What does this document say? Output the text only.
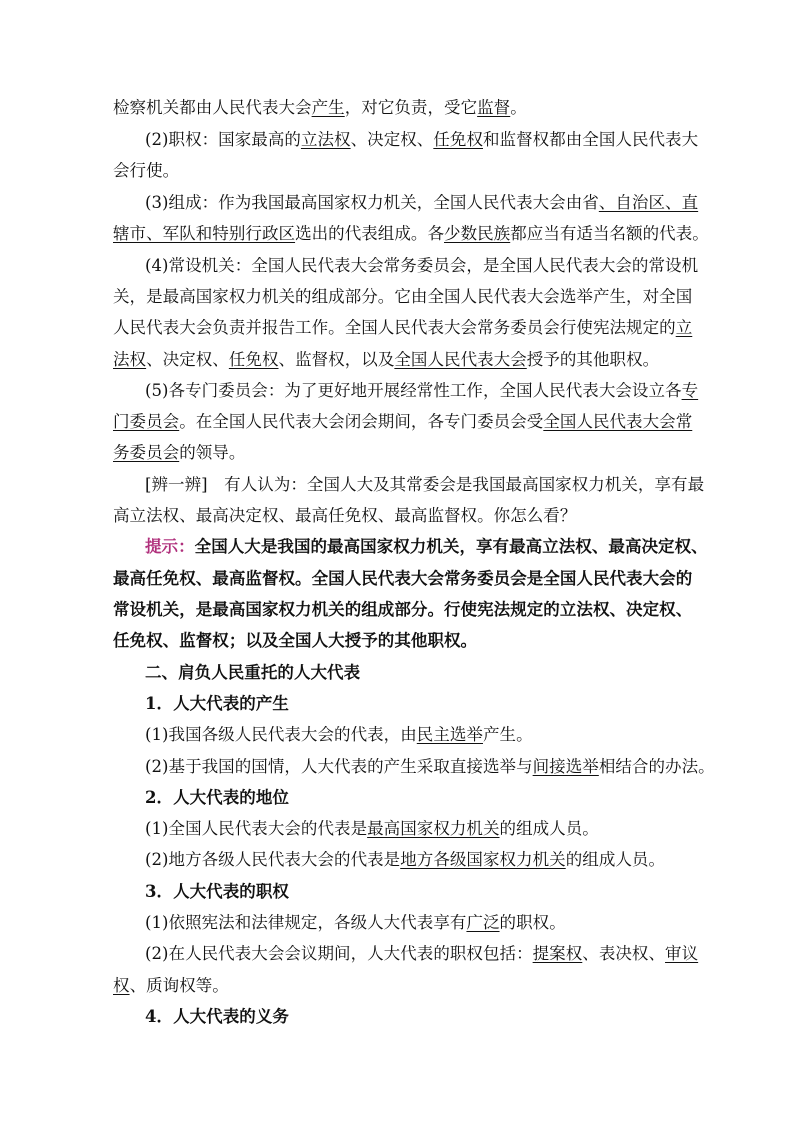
检察机关都由人民代表大会产生，对它负责，受它监督。
(2)职权：国家最高的立法权、决定权、任免权和监督权都由全国人民代表大
会行使。
(3)组成：作为我国最高国家权力机关，全国人民代表大会由省、自治区、直
辖市、军队和特别行政区选出的代表组成。各少数民族都应当有适当名额的代表。
(4)常设机关：全国人民代表大会常务委员会，是全国人民代表大会的常设机
关，是最高国家权力机关的组成部分。它由全国人民代表大会选举产生，对全国
人民代表大会负责并报告工作。全国人民代表大会常务委员会行使宪法规定的立
法权、决定权、任免权、监督权，以及全国人民代表大会授予的其他职权。
(5)各专门委员会：为了更好地开展经常性工作，全国人民代表大会设立各专
门委员会。在全国人民代表大会闭会期间，各专门委员会受全国人民代表大会常
务委员会的领导。
[辨一辨]　有人认为：全国人大及其常委会是我国最高国家权力机关，享有最
高立法权、最高决定权、最高任免权、最高监督权。你怎么看？
提示：全国人大是我国的最高国家权力机关，享有最高立法权、最高决定权、
最高任免权、最高监督权。全国人民代表大会常务委员会是全国人民代表大会的
常设机关，是最高国家权力机关的组成部分。行使宪法规定的立法权、决定权、
任免权、监督权；以及全国人大授予的其他职权。
二、肩负人民重托的人大代表
1．人大代表的产生
(1)我国各级人民代表大会的代表，由民主选举产生。
(2)基于我国的国情，人大代表的产生采取直接选举与间接选举相结合的办法。
2．人大代表的地位
(1)全国人民代表大会的代表是最高国家权力机关的组成人员。
(2)地方各级人民代表大会的代表是地方各级国家权力机关的组成人员。
3．人大代表的职权
(1)依照宪法和法律规定，各级人大代表享有广泛的职权。
(2)在人民代表大会会议期间，人大代表的职权包括：提案权、表决权、审议
权、质询权等。
4．人大代表的义务
